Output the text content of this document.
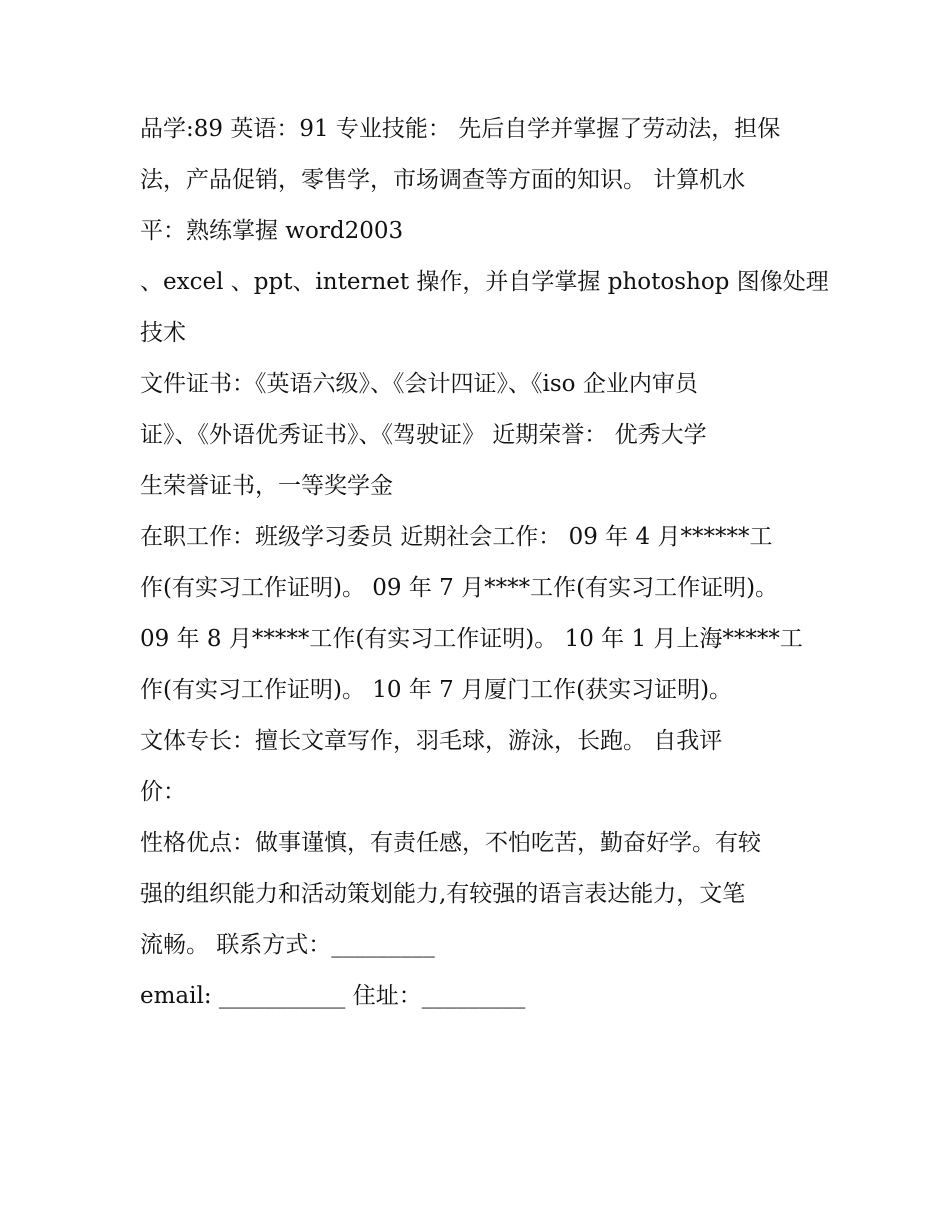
品学:89 英语：91 专业技能： 先后自学并掌握了劳动法，担保
法，产品促销，零售学，市场调查等方面的知识。 计算机水
平：熟练掌握 word2003
、excel 、ppt、internet 操作，并自学掌握 photoshop 图像处理
技术
文件证书：《英语六级》、《会计四证》、《iso 企业内审员
证》、《外语优秀证书》、《驾驶证》 近期荣誉： 优秀大学
生荣誉证书，一等奖学金
在职工作：班级学习委员 近期社会工作： 09 年 4 月******工
作(有实习工作证明)。 09 年 7 月****工作(有实习工作证明)。
09 年 8 月*****工作(有实习工作证明)。 10 年 1 月上海*****工
作(有实习工作证明)。 10 年 7 月厦门工作(获实习证明)。
文体专长：擅长文章写作，羽毛球，游泳，长跑。 自我评
价：
性格优点：做事谨慎，有责任感，不怕吃苦，勤奋好学。有较
强的组织能力和活动策划能力,有较强的语言表达能力，文笔
流畅。 联系方式：_________
email: ___________ 住址：_________
